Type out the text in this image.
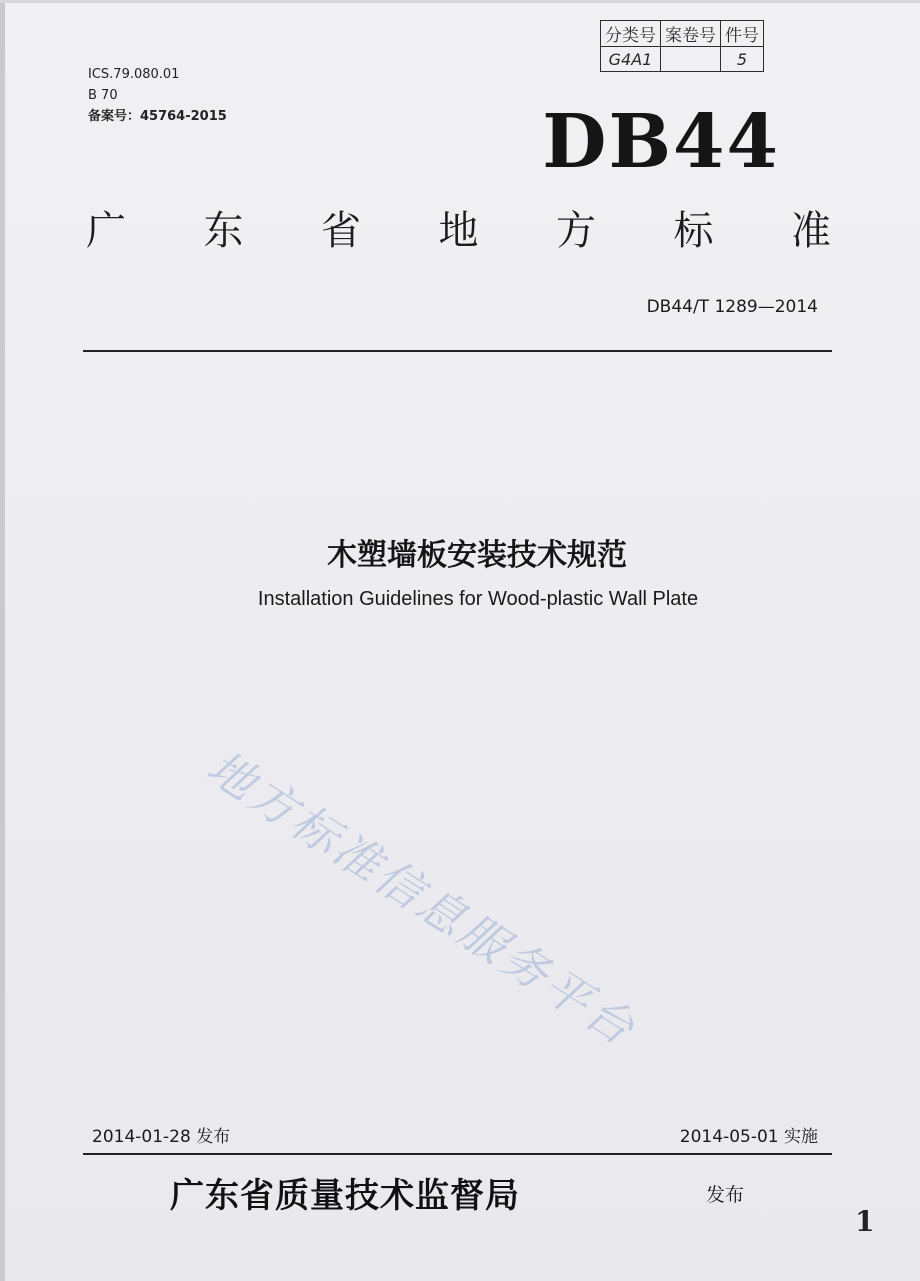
ICS.79.080.01
B 70
备案号：45764-2015
分类号	案卷号	件号
G4A1		5
DB44
广 东 省 地 方 标 准
DB44/T 1289—2014
木塑墙板安装技术规范
Installation Guidelines for Wood-plastic Wall Plate
地方标准信息服务平台
2014-01-28 发布	2014-05-01 实施
广东省质量技术监督局	发布
1
